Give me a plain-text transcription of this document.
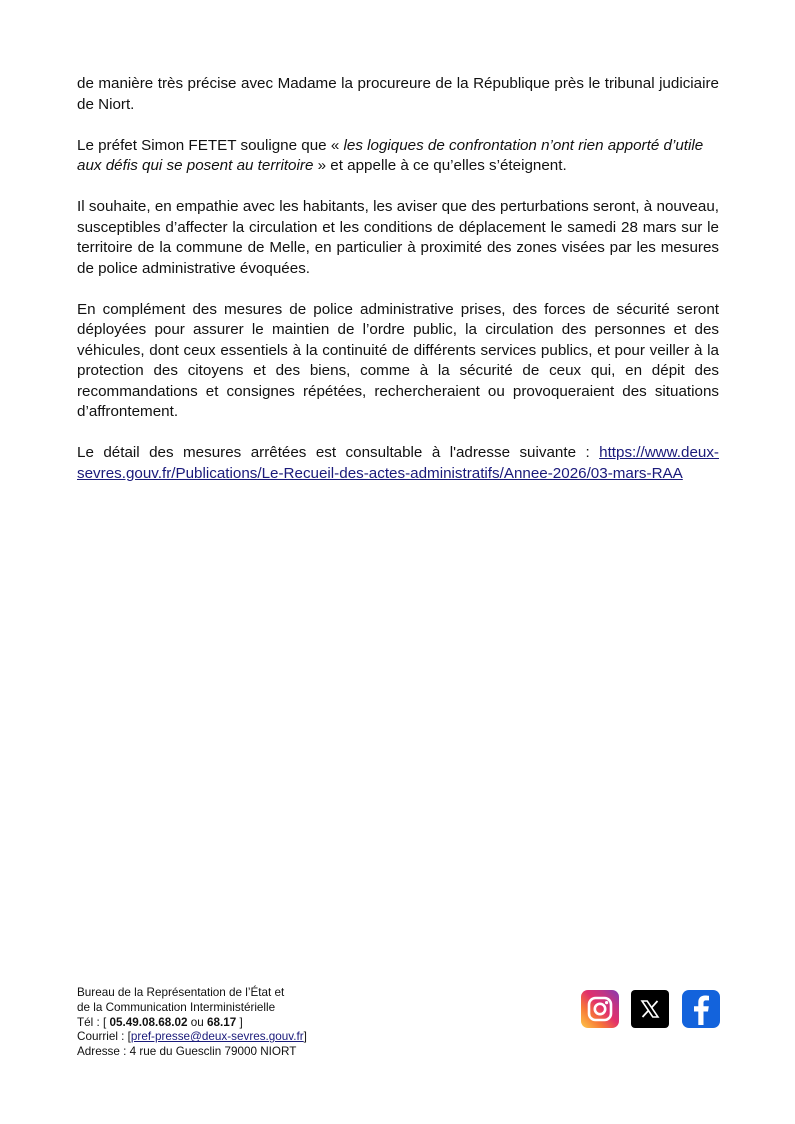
de manière très précise avec Madame la procureure de la République près le tribunal judiciaire de Niort.

Le préfet Simon FETET souligne que « les logiques de confrontation n’ont rien apporté d’utile aux défis qui se posent au territoire » et appelle à ce qu’elles s’éteignent.

Il souhaite, en empathie avec les habitants, les aviser que des perturbations seront, à nouveau, susceptibles d’affecter la circulation et les conditions de déplacement le samedi 28 mars sur le territoire de la commune de Melle, en particulier à proximité des zones visées par les mesures de police administrative évoquées.

En complément des mesures de police administrative prises, des forces de sécurité seront déployées pour assurer le maintien de l’ordre public, la circulation des personnes et des véhicules, dont ceux essentiels à la continuité de différents services publics, et pour veiller à la protection des citoyens et des biens, comme à la sécurité de ceux qui, en dépit des recommandations et consignes répétées, rechercheraient ou provoqueraient des situations d’affrontement.

Le détail des mesures arrêtées est consultable à l'adresse suivante : https://www.deux-sevres.gouv.fr/Publications/Le-Recueil-des-actes-administratifs/Annee-2026/03-mars-RAA

Bureau de la Représentation de l’État et
de la Communication Interministérielle
Tél : [ 05.49.08.68.02 ou 68.17 ]
Courriel : [pref-presse@deux-sevres.gouv.fr]
Adresse : 4 rue du Guesclin 79000 NIORT
